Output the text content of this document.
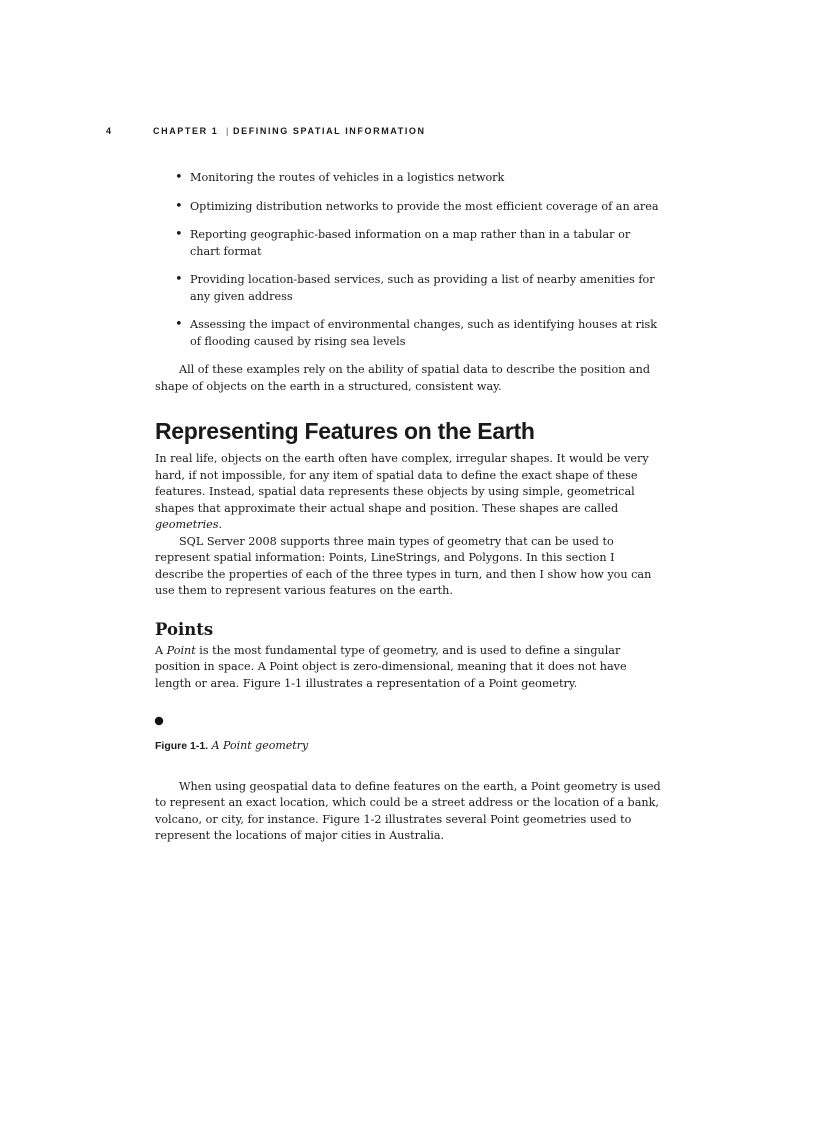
4	CHAPTER 1 | DEFINING SPATIAL INFORMATION
• Monitoring the routes of vehicles in a logistics network
• Optimizing distribution networks to provide the most efficient coverage of an area
• Reporting geographic-based information on a map rather than in a tabular or chart format
• Providing location-based services, such as providing a list of nearby amenities for any given address
• Assessing the impact of environmental changes, such as identifying houses at risk of flooding caused by rising sea levels

All of these examples rely on the ability of spatial data to describe the position and shape of objects on the earth in a structured, consistent way.

Representing Features on the Earth

In real life, objects on the earth often have complex, irregular shapes. It would be very hard, if not impossible, for any item of spatial data to define the exact shape of these features. Instead, spatial data represents these objects by using simple, geometrical shapes that approximate their actual shape and position. These shapes are called geometries.

SQL Server 2008 supports three main types of geometry that can be used to represent spatial information: Points, LineStrings, and Polygons. In this section I describe the properties of each of the three types in turn, and then I show how you can use them to represent various features on the earth.

Points

A Point is the most fundamental type of geometry, and is used to define a singular position in space. A Point object is zero-dimensional, meaning that it does not have length or area. Figure 1-1 illustrates a representation of a Point geometry.

Figure 1-1. A Point geometry

When using geospatial data to define features on the earth, a Point geometry is used to represent an exact location, which could be a street address or the location of a bank, volcano, or city, for instance. Figure 1-2 illustrates several Point geometries used to represent the locations of major cities in Australia.
